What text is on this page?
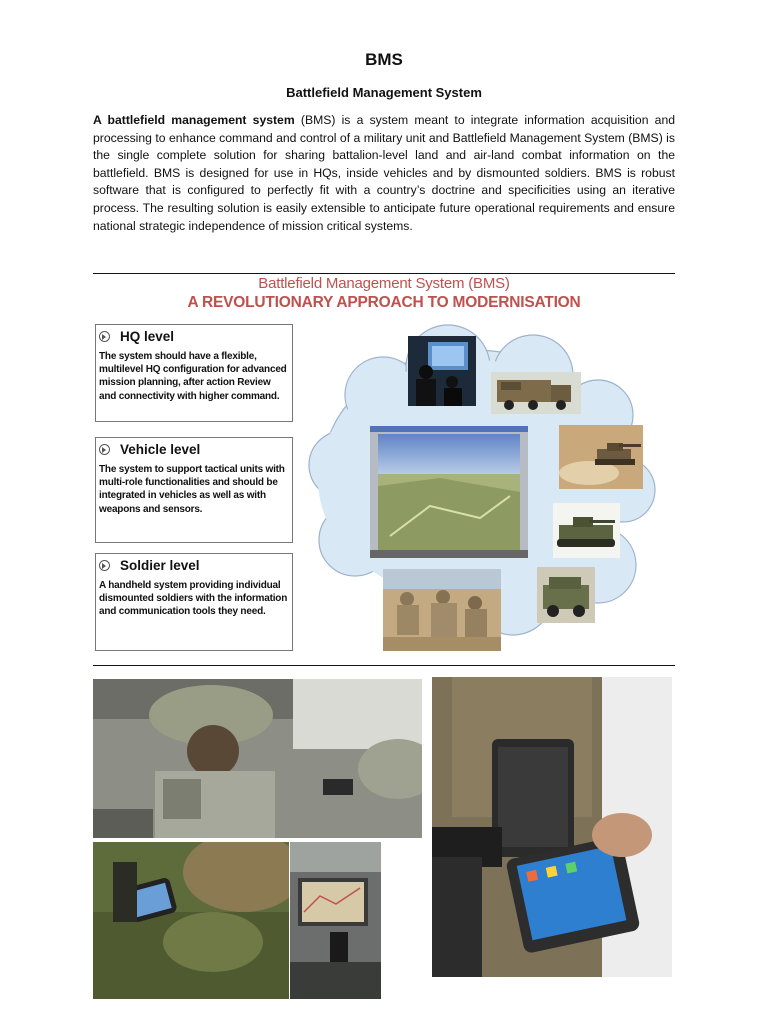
BMS
Battlefield Management System
A battlefield management system (BMS) is a system meant to integrate information acquisition and processing to enhance command and control of a military unit and Battlefield Management System (BMS) is the single complete solution for sharing battalion-level land and air-land combat information on the battlefield. BMS is designed for use in HQs, inside vehicles and by dismounted soldiers. BMS is robust software that is configured to perfectly fit with a country’s doctrine and specificities using an iterative process. The resulting solution is easily extensible to anticipate future operational requirements and ensure national strategic independence of mission critical systems.
Battlefield Management System (BMS)
A REVOLUTIONARY APPROACH TO MODERNISATION
HQ level
The system should have a flexible, multilevel HQ configuration for advanced mission planning, after action Review and connectivity with higher command.
Vehicle level
The system to support tactical units with multi-role functionalities and should be integrated in vehicles as well as with weapons and sensors.
Soldier level
A handheld system providing individual dismounted soldiers with the information and communication tools they need.
